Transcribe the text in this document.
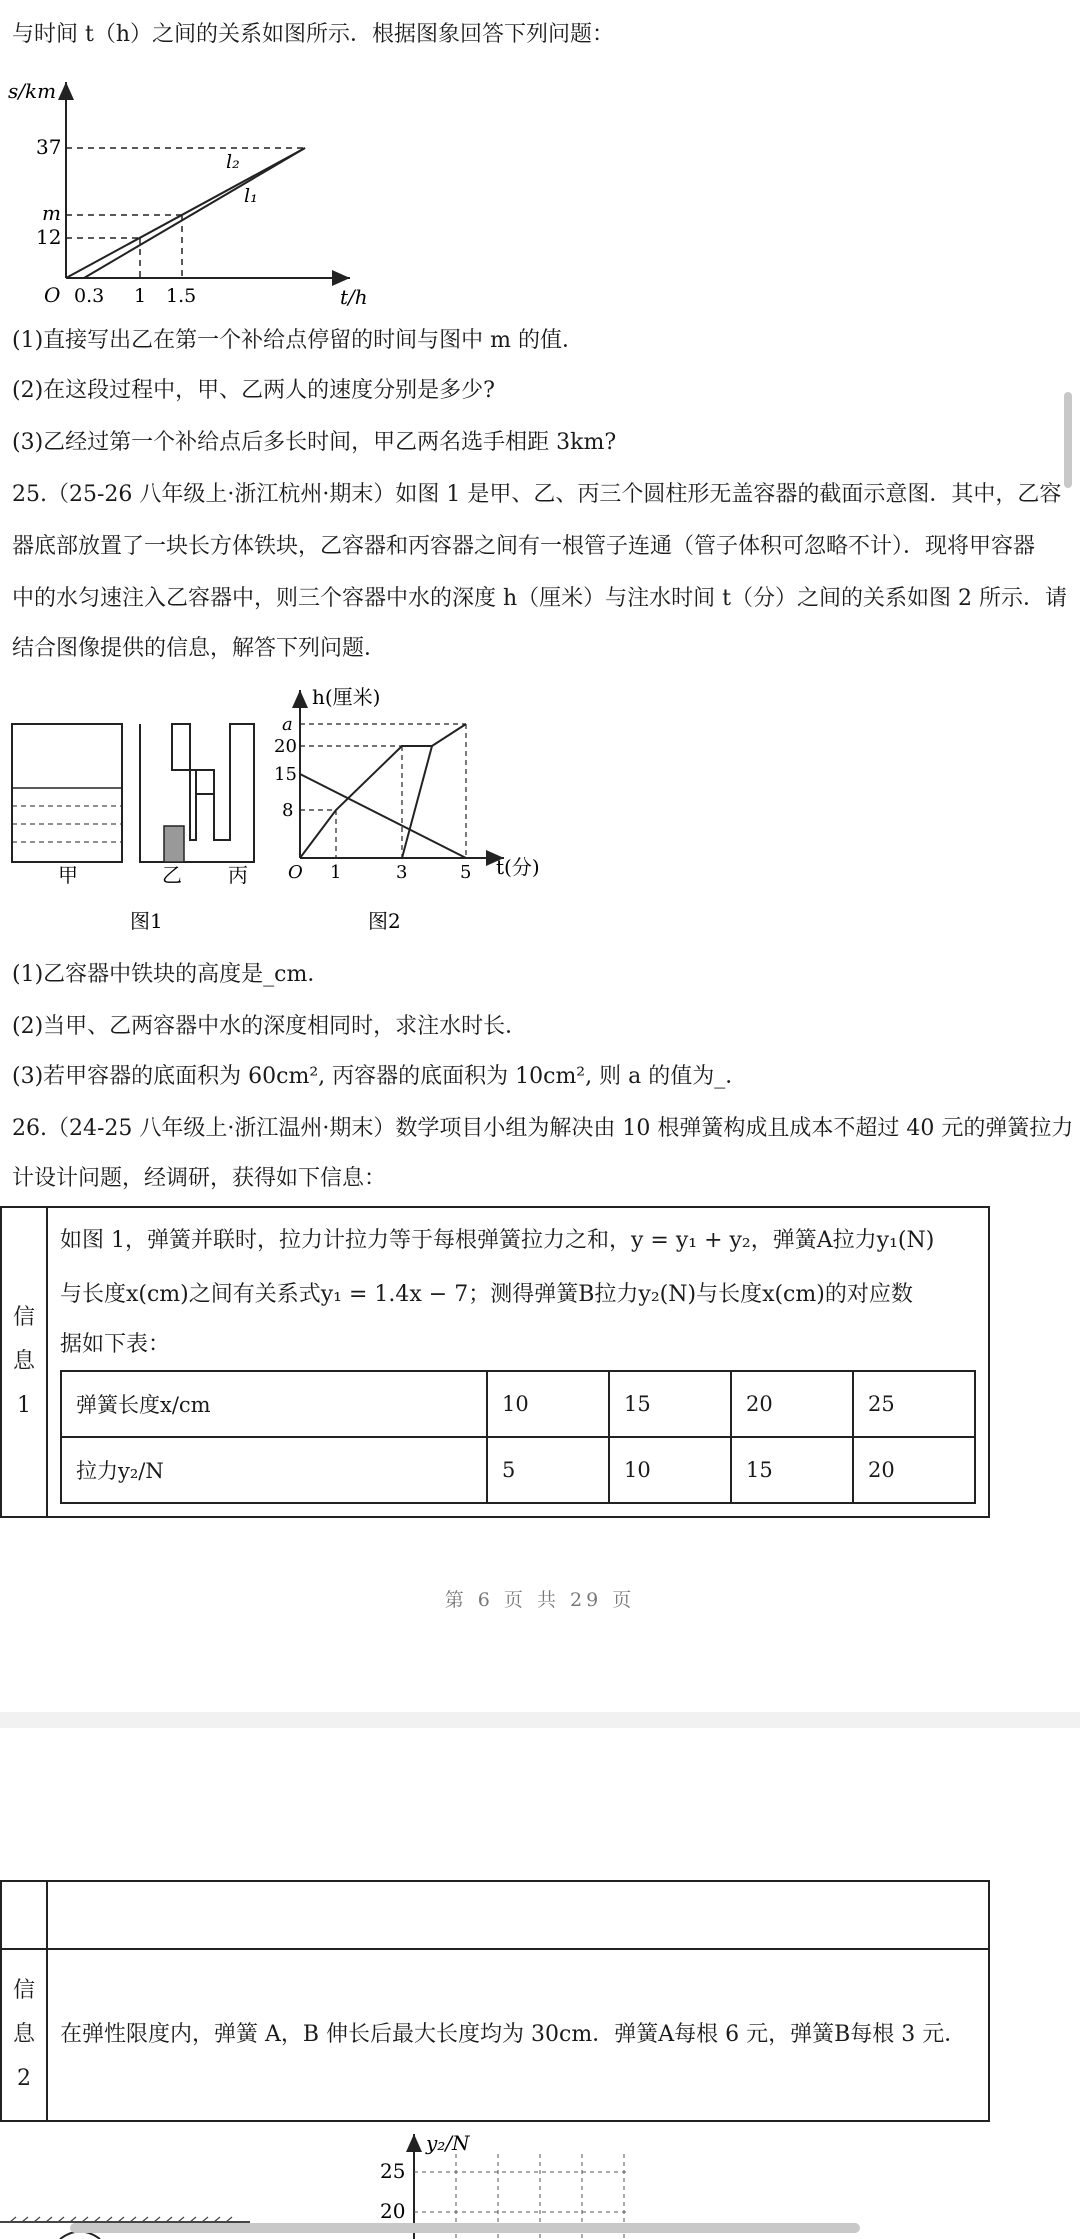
与时间 t（h）之间的关系如图所示．根据图象回答下列问题：
s/km
t/h
37
m
12
O 0.3 1 1.5
l₂
l₁
(1)直接写出乙在第一个补给点停留的时间与图中 m 的值．
(2)在这段过程中，甲、乙两人的速度分别是多少?
(3)乙经过第一个补给点后多长时间，甲乙两名选手相距 3km?
25.（25-26 八年级上·浙江杭州·期末）如图 1 是甲、乙、丙三个圆柱形无盖容器的截面示意图．其中，乙容
器底部放置了一块长方体铁块，乙容器和丙容器之间有一根管子连通（管子体积可忽略不计）．现将甲容器
中的水匀速注入乙容器中，则三个容器中水的深度 h（厘米）与注水时间 t（分）之间的关系如图 2 所示．请
结合图像提供的信息，解答下列问题．
甲	乙 丙
图1
h(厘米)
t(分)
a
20
15
8
O 1	3	5
图2
(1)乙容器中铁块的高度是_cm．
(2)当甲、乙两容器中水的深度相同时，求注水时长．
(3)若甲容器的底面积为 60cm², 丙容器的底面积为 10cm², 则 a 的值为_．
26.（24-25 八年级上·浙江温州·期末）数学项目小组为解决由 10 根弹簧构成且成本不超过 40 元的弹簧拉力
计设计问题，经调研，获得如下信息：
信
息
1
如图 1，弹簧并联时，拉力计拉力等于每根弹簧拉力之和，y = y₁ + y₂，弹簧A拉力y₁(N)
与长度x(cm)之间有关系式y₁ = 1.4x − 7；测得弹簧B拉力y₂(N)与长度x(cm)的对应数
据如下表：
弹簧长度x/cm	10	15	20	25
拉力y₂/N	5	10	15	20
第 6 页 共 29 页
信
息
2
在弹性限度内，弹簧 A，B 伸长后最大长度均为 30cm．弹簧A每根 6 元，弹簧B每根 3 元．
y₂/N
25
20
